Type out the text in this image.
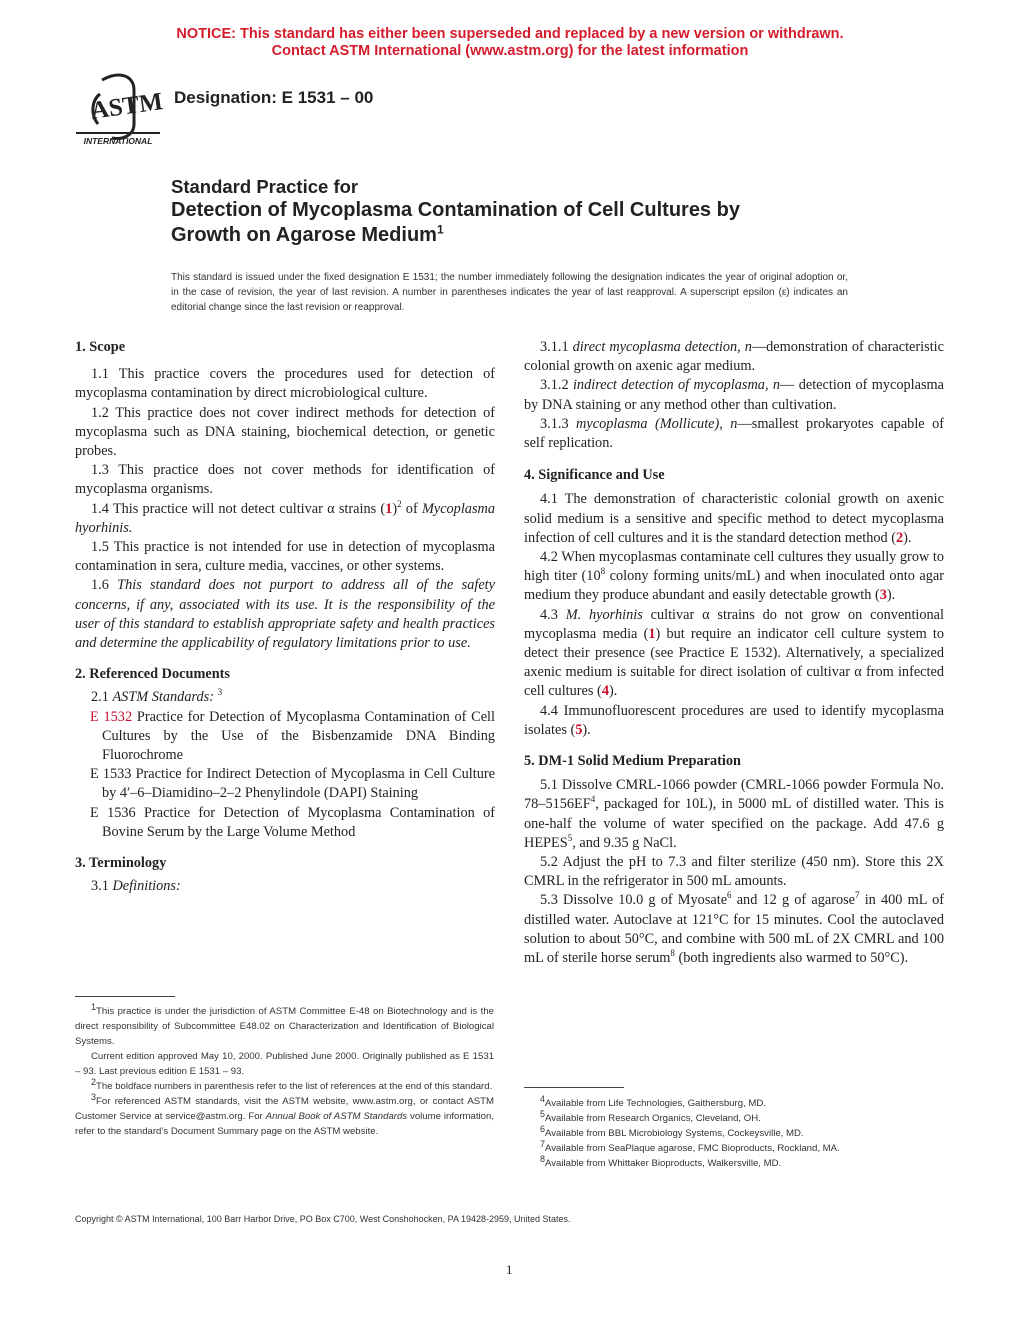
NOTICE: This standard has either been superseded and replaced by a new version or withdrawn.
Contact ASTM International (www.astm.org) for the latest information
ASTM
INTERNATIONAL
Designation: E 1531 – 00
Standard Practice for
Detection of Mycoplasma Contamination of Cell Cultures by
Growth on Agarose Medium$^1$
This standard is issued under the fixed designation E 1531; the number immediately following the designation indicates the year of original adoption or, in the case of revision, the year of last revision. A number in parentheses indicates the year of last reapproval. A superscript epsilon (ε) indicates an editorial change since the last revision or reapproval.
1. Scope

1.1 This practice covers the procedures used for detection of mycoplasma contamination by direct microbiological culture.

1.2 This practice does not cover indirect methods for detection of mycoplasma such as DNA staining, biochemical detection, or genetic probes.

1.3 This practice does not cover methods for identification of mycoplasma organisms.

1.4 This practice will not detect cultivar α strains $(1)^2$ of Mycoplasma hyorhinis.

1.5 This practice is not intended for use in detection of mycoplasma contamination in sera, culture media, vaccines, or other systems.

1.6 This standard does not purport to address all of the safety concerns, if any, associated with its use. It is the responsibility of the user of this standard to establish appropriate safety and health practices and determine the applicability of regulatory limitations prior to use.

2. Referenced Documents

2.1 ASTM Standards: $^3$

E 1532 Practice for Detection of Mycoplasma Contamination of Cell Cultures by the Use of the Bisbenzamide DNA Binding Fluorochrome

E 1533 Practice for Indirect Detection of Mycoplasma in Cell Culture by 4′–6–Diamidino–2–2 Phenylindole (DAPI) Staining

E 1536 Practice for Detection of Mycoplasma Contamination of Bovine Serum by the Large Volume Method

3. Terminology

3.1 Definitions:

$^1$This practice is under the jurisdiction of ASTM Committee E-48 on Biotechnology and is the direct responsibility of Subcommittee E48.02 on Characterization and Identification of Biological Systems.

Current edition approved May 10, 2000. Published June 2000. Originally published as E 1531 – 93. Last previous edition E 1531 – 93.

$^2$The boldface numbers in parenthesis refer to the list of references at the end of this standard.

$^3$For referenced ASTM standards, visit the ASTM website, www.astm.org, or contact ASTM Customer Service at service@astm.org. For Annual Book of ASTM Standards volume information, refer to the standard’s Document Summary page on the ASTM website.

3.1.1 direct mycoplasma detection, n—demonstration of characteristic colonial growth on axenic agar medium.

3.1.2 indirect detection of mycoplasma, n— detection of mycoplasma by DNA staining or any method other than cultivation.

3.1.3 mycoplasma (Mollicute), n—smallest prokaryotes capable of self replication.

4. Significance and Use

4.1 The demonstration of characteristic colonial growth on axenic solid medium is a sensitive and specific method to detect mycoplasma infection of cell cultures and it is the standard detection method (2).

4.2 When mycoplasmas contaminate cell cultures they usually grow to high titer ($10^8$ colony forming units/mL) and when inoculated onto agar medium they produce abundant and easily detectable growth (3).

4.3 M. hyorhinis cultivar α strains do not grow on conventional mycoplasma media (1) but require an indicator cell culture system to detect their presence (see Practice E 1532). Alternatively, a specialized axenic medium is suitable for direct isolation of cultivar α from infected cell cultures (4).

4.4 Immunofluorescent procedures are used to identify mycoplasma isolates (5).

5. DM-1 Solid Medium Preparation

5.1 Dissolve CMRL-1066 powder (CMRL-1066 powder Formula No. $78-5156EF^4$, packaged for 10L), in 5000 mL of distilled water. This is one-half the volume of water specified on the package. Add 47.6 g HEPES$^5$, and 9.35 g NaCl.

5.2 Adjust the pH to 7.3 and filter sterilize (450 nm). Store this 2X CMRL in the refrigerator in 500 mL amounts.

5.3 Dissolve 10.0 g of Myosate$^6$ and 12 g of agarose$^7$ in 400 mL of distilled water. Autoclave at 121°C for 15 minutes. Cool the autoclaved solution to about 50°C, and combine with 500 mL of 2X CMRL and 100 mL of sterile horse serum$^8$ (both ingredients also warmed to 50°C).

$^4$Available from Life Technologies, Gaithersburg, MD.

$^5$Available from Research Organics, Cleveland, OH.

$^6$Available from BBL Microbiology Systems, Cockeysville, MD.

$^7$Available from SeaPlaque agarose, FMC Bioproducts, Rockland, MA.

$^8$Available from Whittaker Bioproducts, Walkersville, MD.

Copyright © ASTM International, 100 Barr Harbor Drive, PO Box C700, West Conshohocken, PA 19428-2959, United States.
1
